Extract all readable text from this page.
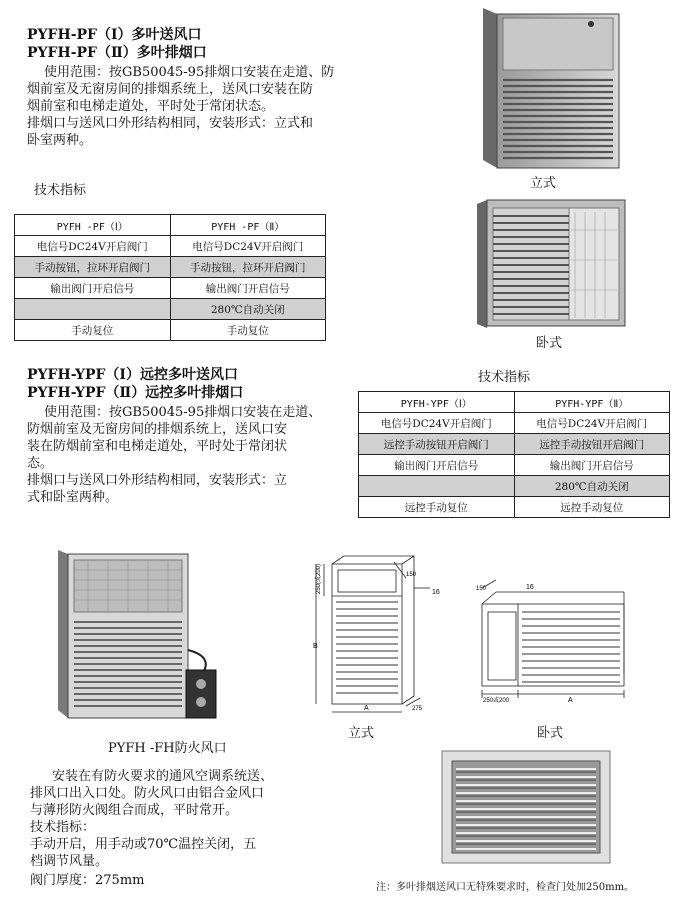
PYFH-PF（Ⅰ）多叶送风口
PYFH-PF（Ⅱ）多叶排烟口
使用范围：按GB50045-95排烟口安装在走道、防
烟前室及无窗房间的排烟系统上，送风口安装在防
烟前室和电梯走道处，平时处于常闭状态。
排烟口与送风口外形结构相同，安装形式：立式和
卧室两种。
技术指标
PYFH -PF（Ⅰ）	PYFH -PF（Ⅱ）
电信号DC24V开启阀门	电信号DC24V开启阀门
手动按钮，拉环开启阀门	手动按钮，拉环开启阀门
输出阀门开启信号	输出阀门开启信号
	280℃自动关闭
手动复位	手动复位
立式
卧式
PYFH-YPF（Ⅰ）远控多叶送风口
PYFH-YPF（Ⅱ）远控多叶排烟口
使用范围：按GB50045-95排烟口安装在走道、
防烟前室及无窗房间的排烟系统上，送风口安
装在防烟前室和电梯走道处，平时处于常闭状
态。
排烟口与送风口外形结构相同，安装形式：立
式和卧室两种。
技术指标
PYFH-YPF（Ⅰ）	PYFH-YPF（Ⅱ）
电信号DC24V开启阀门	电信号DC24V开启阀门
远控手动按钮开启阀门	远控手动按钮开启阀门
输出阀门开启信号	输出阀门开启信号
	280℃自动关闭
远控手动复位	远控手动复位
PYFH -FH防火风口
安装在有防火要求的通风空调系统送、
排风口出入口处。防火风口由铝合金风口
与薄形防火阀组合而成，平时常开。
技术指标：
手动开启，用手动或70℃温控关闭，五
档调节风量。
阀门厚度：275mm
250(或200)
B
A	275
150
16
立式
150	16
250或200	A
卧式
注：多叶排烟送风口无特殊要求时，检查门处加250mm。
